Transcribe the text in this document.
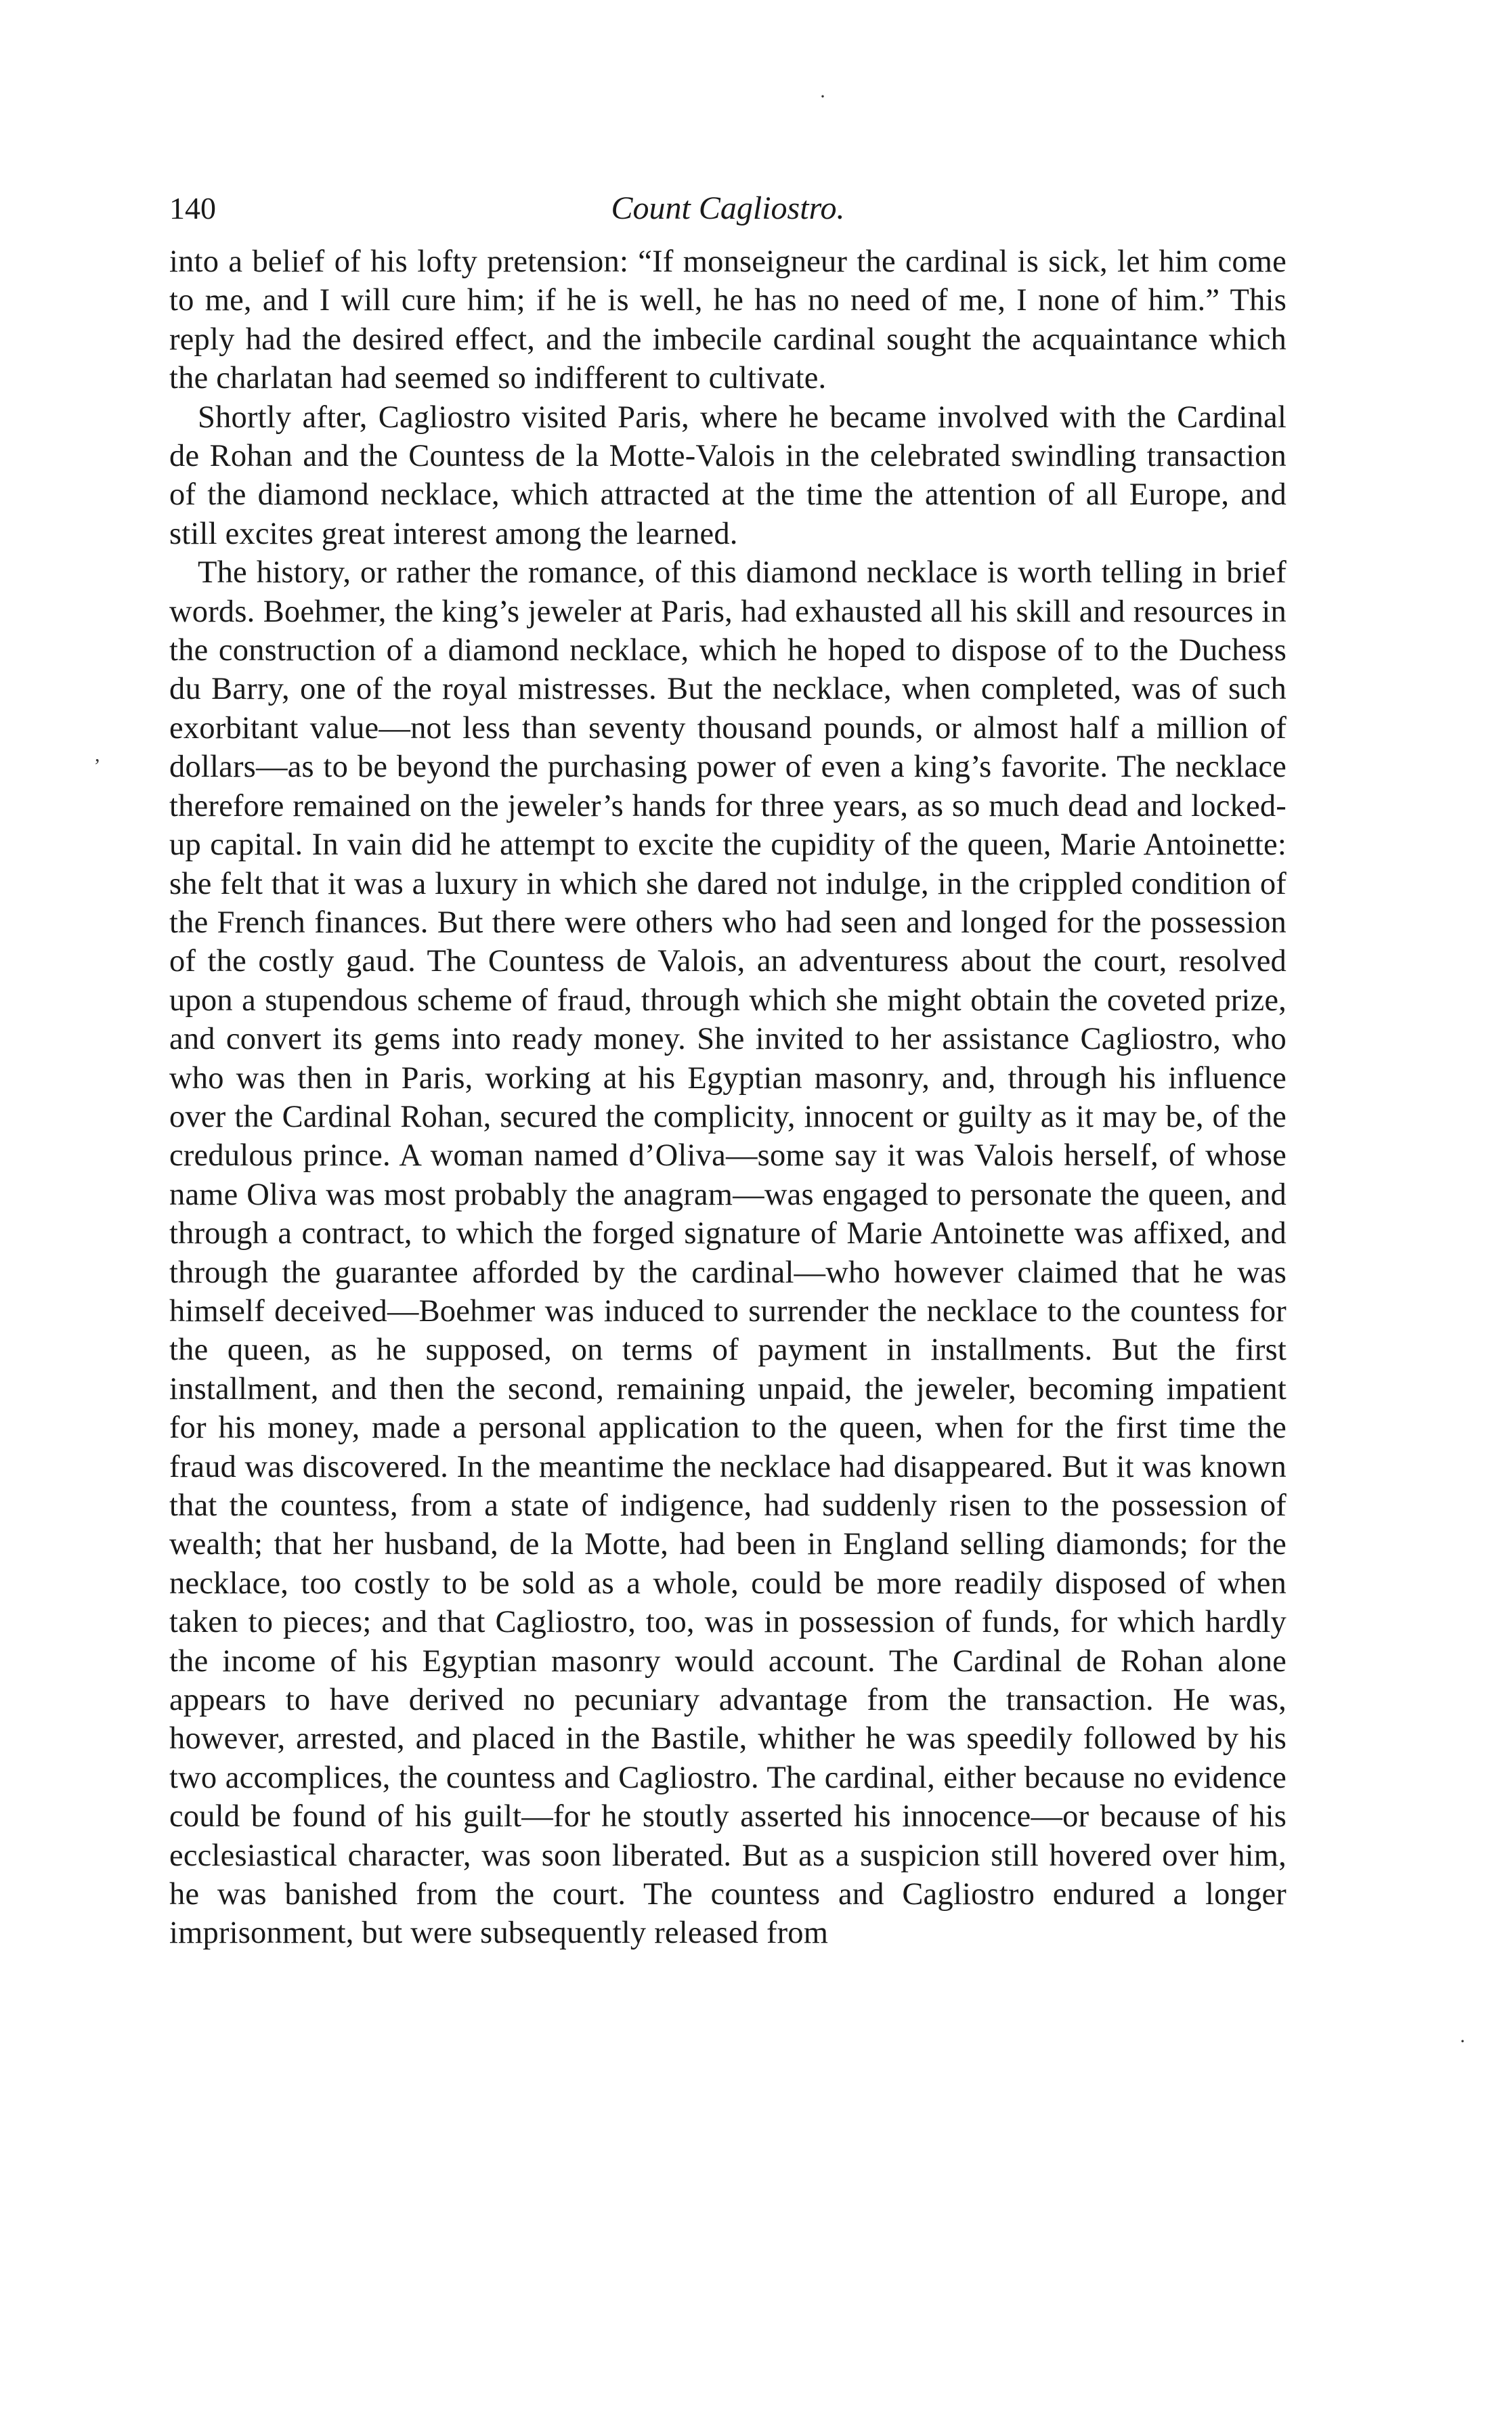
·
,
·
140	Count Cagliostro.

into a belief of his lofty pretension: “If monseigneur the cardinal is sick, let him come to me, and I will cure him; if he is well, he has no need of me, I none of him.” This reply had the desired effect, and the imbecile cardinal sought the acquaintance which the charlatan had seemed so indifferent to cultivate.

Shortly after, Cagliostro visited Paris, where he became involved with the Cardinal de Rohan and the Countess de la Motte-Valois in the celebrated swindling transaction of the diamond necklace, which attracted at the time the attention of all Europe, and still excites great interest among the learned.

The history, or rather the romance, of this diamond necklace is worth telling in brief words. Boehmer, the king’s jeweler at Paris, had exhausted all his skill and resources in the construction of a diamond necklace, which he hoped to dispose of to the Duchess du Barry, one of the royal mistresses. But the necklace, when completed, was of such exorbitant value—not less than seventy thousand pounds, or almost half a million of dollars—as to be beyond the purchasing power of even a king’s favorite. The necklace therefore remained on the jeweler’s hands for three years, as so much dead and locked-up capital. In vain did he attempt to excite the cupidity of the queen, Marie Antoinette: she felt that it was a luxury in which she dared not indulge, in the crippled condition of the French finances. But there were others who had seen and longed for the possession of the costly gaud. The Countess de Valois, an adventuress about the court, resolved upon a stupendous scheme of fraud, through which she might obtain the coveted prize, and convert its gems into ready money. She invited to her assistance Cagliostro, who who was then in Paris, working at his Egyptian masonry, and, through his influence over the Cardinal Rohan, secured the complicity, innocent or guilty as it may be, of the credulous prince. A woman named d’Oliva—some say it was Valois herself, of whose name Oliva was most probably the anagram—was engaged to personate the queen, and through a contract, to which the forged signature of Marie Antoinette was affixed, and through the guarantee afforded by the cardinal—who however claimed that he was himself deceived—Boehmer was induced to surrender the necklace to the countess for the queen, as he supposed, on terms of payment in installments. But the first installment, and then the second, remaining unpaid, the jeweler, becoming impatient for his money, made a personal application to the queen, when for the first time the fraud was discovered. In the meantime the necklace had disappeared. But it was known that the countess, from a state of indigence, had suddenly risen to the possession of wealth; that her husband, de la Motte, had been in England selling diamonds; for the necklace, too costly to be sold as a whole, could be more readily disposed of when taken to pieces; and that Cagliostro, too, was in possession of funds, for which hardly the income of his Egyptian masonry would account. The Cardinal de Rohan alone appears to have derived no pecuniary advantage from the transaction. He was, however, arrested, and placed in the Bastile, whither he was speedily followed by his two accomplices, the countess and Cagliostro. The cardinal, either because no evidence could be found of his guilt—for he stoutly asserted his innocence—or because of his ecclesiastical character, was soon liberated. But as a suspicion still hovered over him, he was banished from the court. The countess and Cagliostro endured a longer imprisonment, but were subsequently released from
